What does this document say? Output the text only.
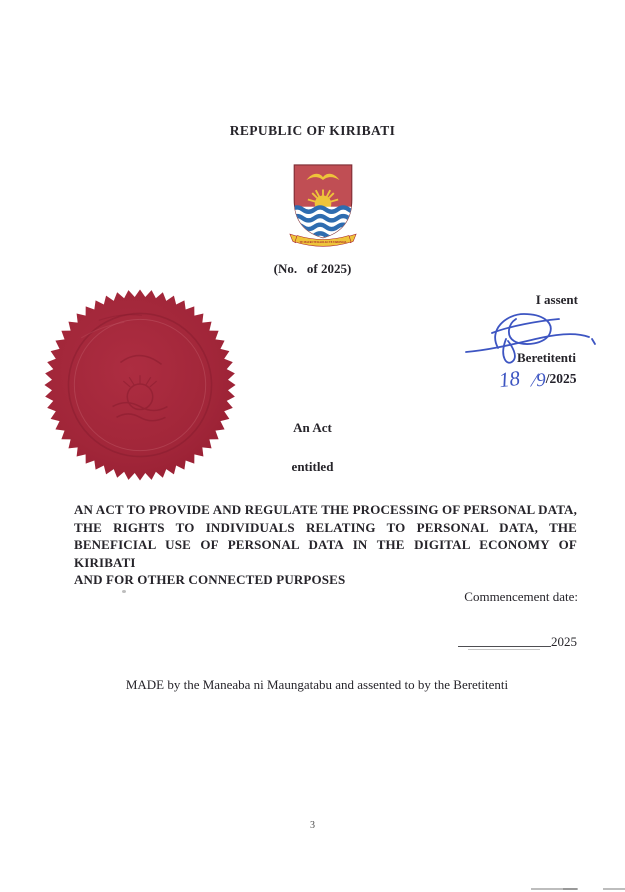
REPUBLIC OF KIRIBATI
TE MAURI TE RAOI AO TE TABOMOA
(No.   of 2025)
I assent
Beretitenti
18 ⁄9/2025
An Act
entitled
AN ACT TO PROVIDE AND REGULATE THE PROCESSING OF PERSONAL DATA,
THE RIGHTS TO INDIVIDUALS RELATING TO PERSONAL DATA, THE
BENEFICIAL USE OF PERSONAL DATA IN THE DIGITAL ECONOMY OF KIRIBATI
AND FOR OTHER CONNECTED PURPOSES
Commencement date:
2025
MADE by the Maneaba ni Maungatabu and assented to by the Beretitenti
3
